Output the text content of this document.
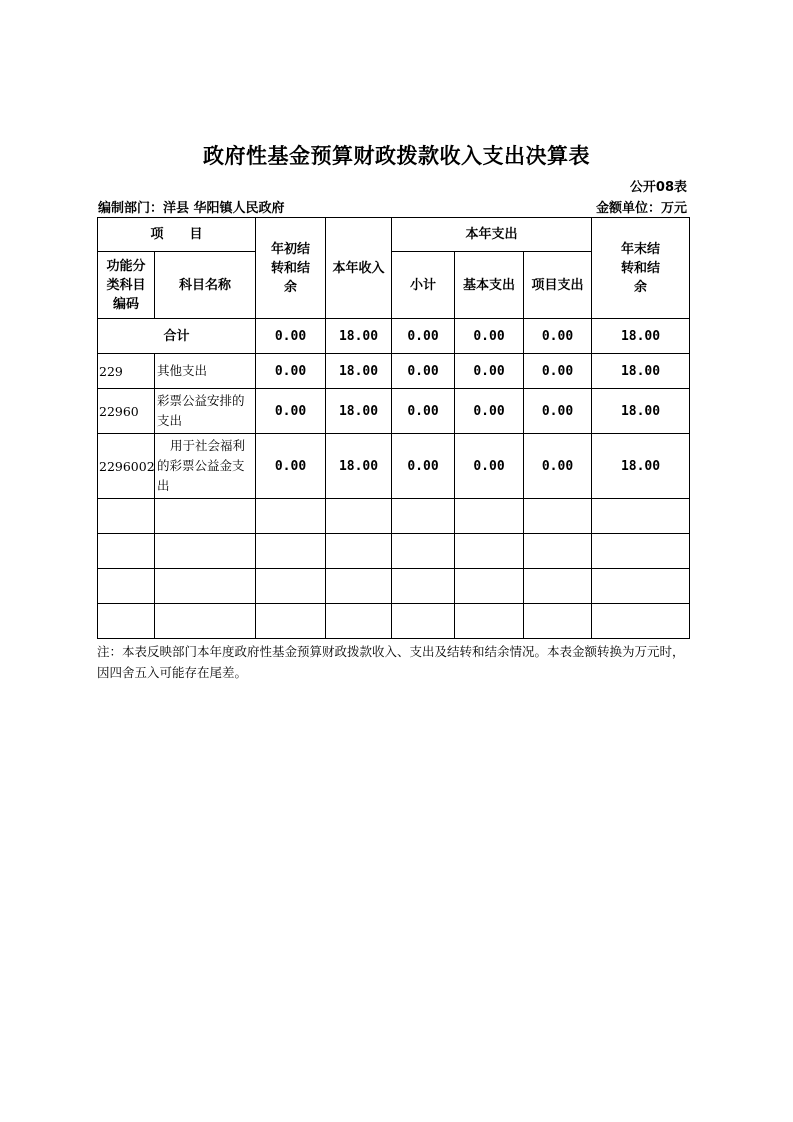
政府性基金预算财政拨款收入支出决算表
公开08表
编制部门：洋县 华阳镇人民政府	金额单位：万元
项　　目		年初结转和结余	本年收入	本年支出			年末结转和结余

功能分类科目编码	科目名称			小计	基本支出	项目支出	
合计		0.00	18.00	0.00	0.00	0.00	18.00
229	其他支出	0.00	18.00	0.00	0.00	0.00	18.00
22960	彩票公益安排的支出	0.00	18.00	0.00	0.00	0.00	18.00
2296002	用于社会福利的彩票公益金支出	0.00	18.00	0.00	0.00	0.00	18.00

注：本表反映部门本年度政府性基金预算财政拨款收入、支出及结转和结余情况。本表金额转换为万元时，因四舍五入可能存在尾差。
